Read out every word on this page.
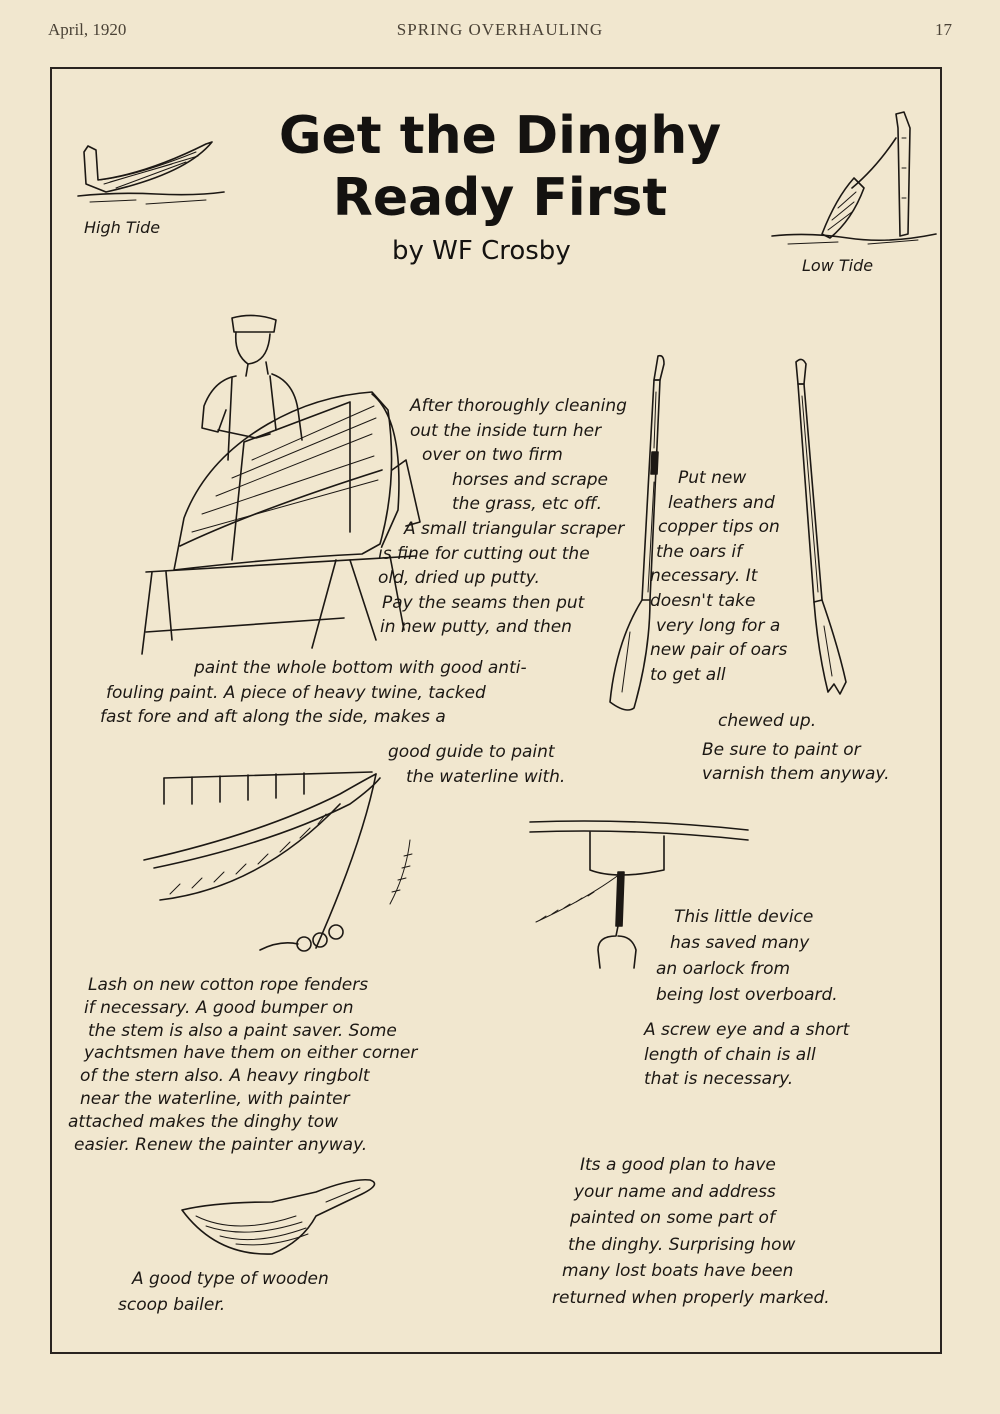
April, 1920	SPRING OVERHAULING	17
Get the Dinghy
Ready First
by WF Crosby
High Tide
Low Tide
After thoroughly cleaning
out the inside turn her
over on two firm
horses and scrape
the grass, etc off.
A small triangular scraper
is fine for cutting out the
old, dried up putty.
Pay the seams then put
in new putty, and then
paint the whole bottom with good anti-
fouling paint. A piece of heavy twine, tacked
fast fore and aft along the side, makes a
good guide to paint
the waterline with.
Put new
leathers and
copper tips on
the oars if
necessary. It
doesn't take
very long for a
new pair of oars
to get all
chewed up.
Be sure to paint or
varnish them anyway.
This little device
has saved many
an oarlock from
being lost overboard.
A screw eye and a short
length of chain is all
that is necessary.
Lash on new cotton rope fenders
if necessary. A good bumper on
the stem is also a paint saver. Some
yachtsmen have them on either corner
of the stern also. A heavy ringbolt
near the waterline, with painter
attached makes the dinghy tow
easier. Renew the painter anyway.
A good type of wooden
scoop bailer.
Its a good plan to have
your name and address
painted on some part of
the dinghy. Surprising how
many lost boats have been
returned when properly marked.
